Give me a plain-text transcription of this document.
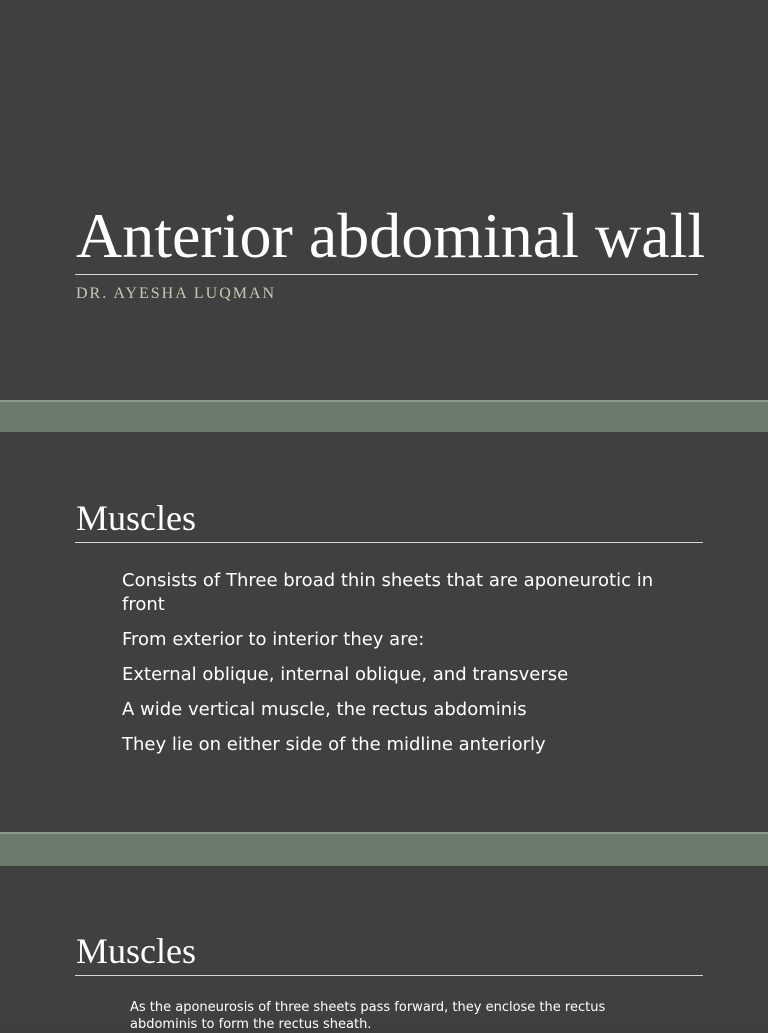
Anterior abdominal wall

DR. AYESHA LUQMAN

Muscles
Consists of Three broad thin sheets that are aponeurotic in front
From exterior to interior they are:
External oblique, internal oblique, and transverse
A wide vertical muscle, the rectus abdominis
They lie on either side of the midline anteriorly
Muscles

As the aponeurosis of three sheets pass forward, they enclose the rectus abdominis to form the rectus sheath.
